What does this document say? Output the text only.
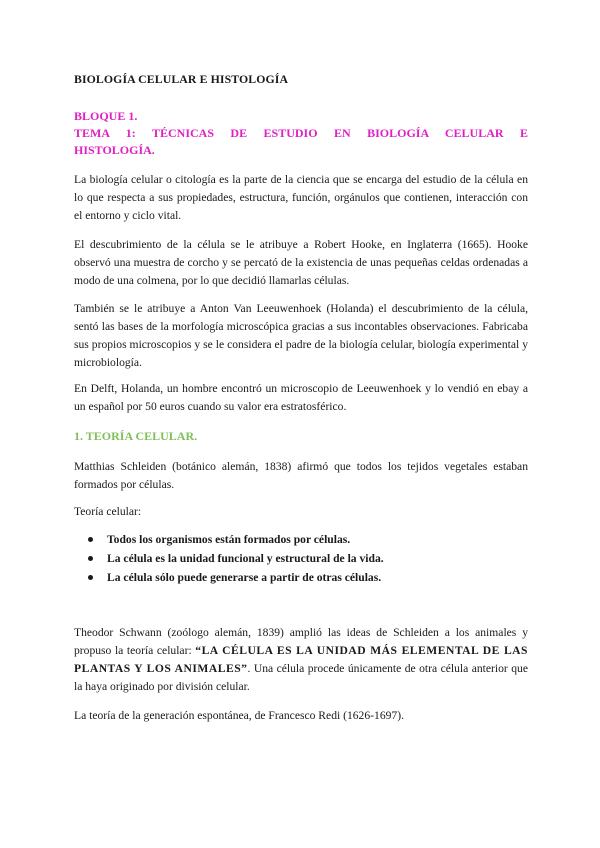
BIOLOGÍA CELULAR E HISTOLOGÍA
BLOQUE 1.
TEMA 1: TÉCNICAS DE ESTUDIO EN BIOLOGÍA CELULAR E
HISTOLOGÍA.

La biología celular o citología es la parte de la ciencia que se encarga del estudio de la célula en lo que respecta a sus propiedades, estructura, función, orgánulos que contienen, interacción con el entorno y ciclo vital.

El descubrimiento de la célula se le atribuye a Robert Hooke, en Inglaterra (1665). Hooke observó una muestra de corcho y se percató de la existencia de unas pequeñas celdas ordenadas a modo de una colmena, por lo que decidió llamarlas células.

También se le atribuye a Anton Van Leeuwenhoek (Holanda) el descubrimiento de la célula, sentó las bases de la morfología microscópica gracias a sus incontables observaciones. Fabricaba sus propios microscopios y se le considera el padre de la biología celular, biología experimental y microbiología.

En Delft, Holanda, un hombre encontró un microscopio de Leeuwenhoek y lo vendió en ebay a un español por 50 euros cuando su valor era estratosférico.

1. TEORÍA CELULAR.

Matthias Schleiden (botánico alemán, 1838) afirmó que todos los tejidos vegetales estaban formados por células.

Teoría celular:

Todos los organismos están formados por células.
La célula es la unidad funcional y estructural de la vida.
La célula sólo puede generarse a partir de otras células.

Theodor Schwann (zoólogo alemán, 1839) amplió las ideas de Schleiden a los animales y propuso la teoría celular: “LA CÉLULA ES LA UNIDAD MÁS ELEMENTAL DE LAS PLANTAS Y LOS ANIMALES”. Una célula procede únicamente de otra célula anterior que la haya originado por división celular.

La teoría de la generación espontánea, de Francesco Redi (1626-1697).
